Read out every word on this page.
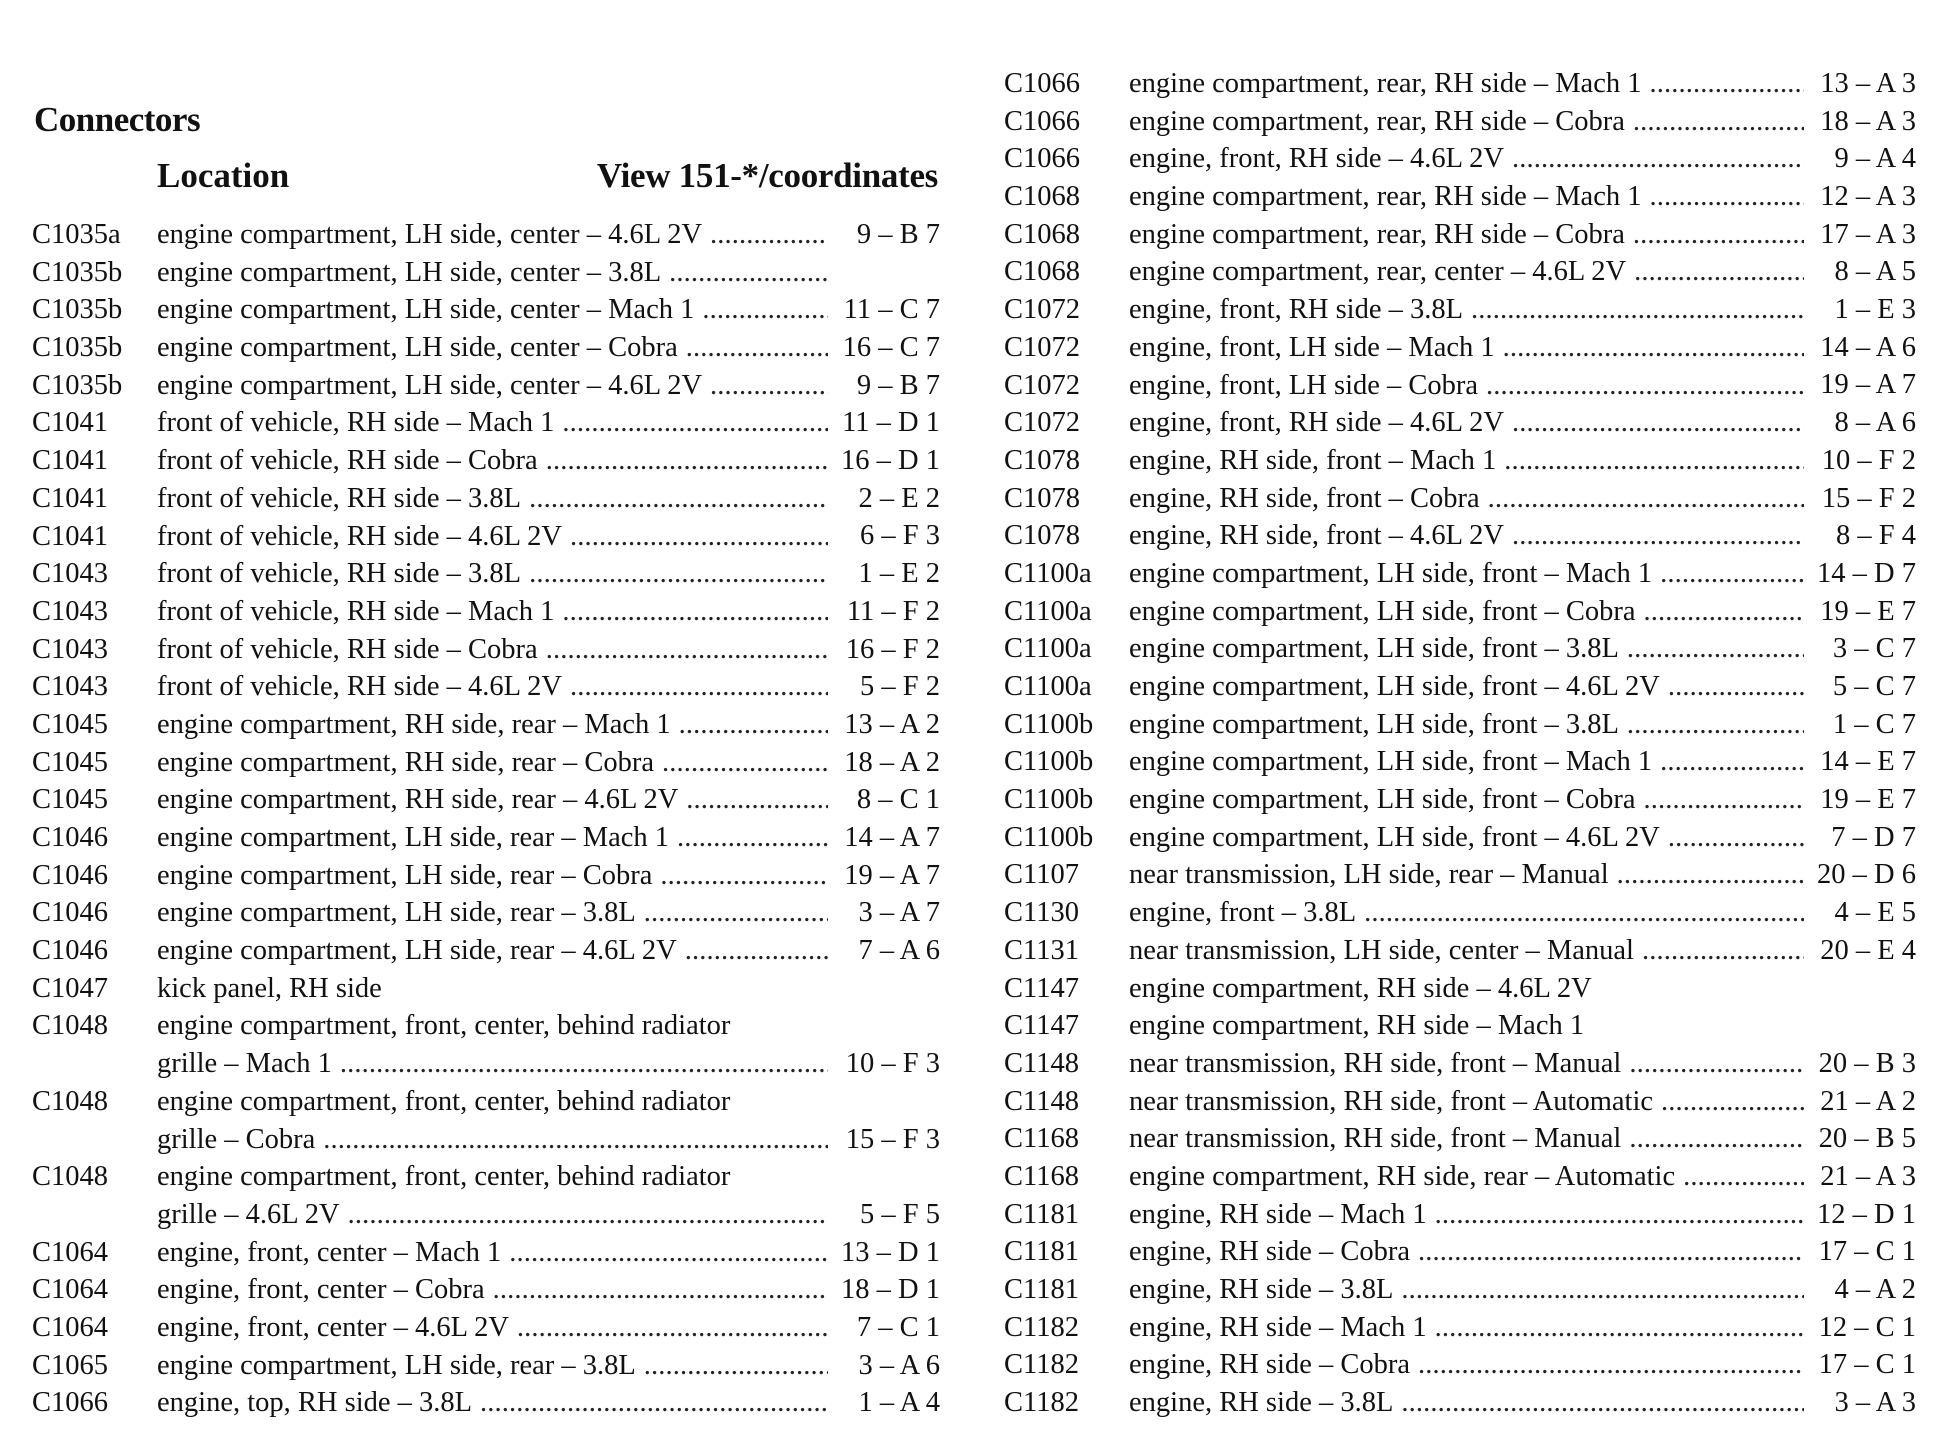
Connectors
Location	View 151-*/coordinates
C1035a	engine compartment, LH side, center – 4.6L 2V . . .	9 – B 7
C1035b	engine compartment, LH side, center – 3.8L
. . .
C1035b	engine compartment, LH side, center – Mach 1 . . .	11 – C 7
C1035b	engine compartment, LH side, center – Cobra . . .	16 – C 7
C1035b	engine compartment, LH side, center – 4.6L 2V . . .	9 – B 7
C1041	front of vehicle, RH side – Mach 1 . . .	11 – D 1
C1041	front of vehicle, RH side – Cobra . . .	16 – D 1
C1041	front of vehicle, RH side – 3.8L . . .	2 – E 2
C1041	front of vehicle, RH side – 4.6L 2V . . .	6 – F 3
C1043	front of vehicle, RH side – 3.8L . . .	1 – E 2
C1043	front of vehicle, RH side – Mach 1 . . .	11 – F 2
C1043	front of vehicle, RH side – Cobra . . .	16 – F 2
C1043	front of vehicle, RH side – 4.6L 2V . . .	5 – F 2
C1045	engine compartment, RH side, rear – Mach 1 . . .	13 – A 2
C1045	engine compartment, RH side, rear – Cobra . . .	18 – A 2
C1045	engine compartment, RH side, rear – 4.6L 2V . . .	8 – C 1
C1046	engine compartment, LH side, rear – Mach 1 . . .	14 – A 7
C1046	engine compartment, LH side, rear – Cobra . . .	19 – A 7
C1046	engine compartment, LH side, rear – 3.8L . . .	3 – A 7
C1046	engine compartment, LH side, rear – 4.6L 2V . . .	7 – A 6
C1047	kick panel, RH side
C1048	engine compartment, front, center, behind radiator
grille – Mach 1 . . .	10 – F 3
C1048	engine compartment, front, center, behind radiator
grille – Cobra . . .	15 – F 3
C1048	engine compartment, front, center, behind radiator
grille – 4.6L 2V . . .	5 – F 5
C1064	engine, front, center – Mach 1 . . .	13 – D 1
C1064	engine, front, center – Cobra . . .	18 – D 1
C1064	engine, front, center – 4.6L 2V . . .	7 – C 1
C1065	engine compartment, LH side, rear – 3.8L . . .	3 – A 6
C1066	engine, top, RH side – 3.8L . . .	1 – A 4
C1066	engine compartment, rear, RH side – Mach 1 . . .	13 – A 3
C1066	engine compartment, rear, RH side – Cobra . . .	18 – A 3
C1066	engine, front, RH side – 4.6L 2V . . .	9 – A 4
C1068	engine compartment, rear, RH side – Mach 1 . . .	12 – A 3
C1068	engine compartment, rear, RH side – Cobra . . .	17 – A 3
C1068	engine compartment, rear, center – 4.6L 2V . . .	8 – A 5
C1072	engine, front, RH side – 3.8L . . .	1 – E 3
C1072	engine, front, LH side – Mach 1 . . .	14 – A 6
C1072	engine, front, LH side – Cobra . . .	19 – A 7
C1072	engine, front, RH side – 4.6L 2V . . .	8 – A 6
C1078	engine, RH side, front – Mach 1 . . .	10 – F 2
C1078	engine, RH side, front – Cobra . . .	15 – F 2
C1078	engine, RH side, front – 4.6L 2V . . .	8 – F 4
C1100a	engine compartment, LH side, front – Mach 1 . . .	14 – D 7
C1100a	engine compartment, LH side, front – Cobra . . .	19 – E 7
C1100a	engine compartment, LH side, front – 3.8L . . .	3 – C 7
C1100a	engine compartment, LH side, front – 4.6L 2V . . .	5 – C 7
C1100b	engine compartment, LH side, front – 3.8L . . .	1 – C 7
C1100b	engine compartment, LH side, front – Mach 1 . . .	14 – E 7
C1100b	engine compartment, LH side, front – Cobra . . .	19 – E 7
C1100b	engine compartment, LH side, front – 4.6L 2V . . .	7 – D 7
C1107	near transmission, LH side, rear – Manual . . .	20 – D 6
C1130	engine, front – 3.8L . . .	4 – E 5
C1131	near transmission, LH side, center – Manual . . .	20 – E 4
C1147	engine compartment, RH side – 4.6L 2V
C1147	engine compartment, RH side – Mach 1
C1148	near transmission, RH side, front – Manual . . .	20 – B 3
C1148	near transmission, RH side, front – Automatic . . .	21 – A 2
C1168	near transmission, RH side, front – Manual . . .	20 – B 5
C1168	engine compartment, RH side, rear – Automatic . . .	21 – A 3
C1181	engine, RH side – Mach 1 . . .	12 – D 1
C1181	engine, RH side – Cobra . . .	17 – C 1
C1181	engine, RH side – 3.8L . . .	4 – A 2
C1182	engine, RH side – Mach 1 . . .	12 – C 1
C1182	engine, RH side – Cobra . . .	17 – C 1
C1182	engine, RH side – 3.8L . . .	3 – A 3
